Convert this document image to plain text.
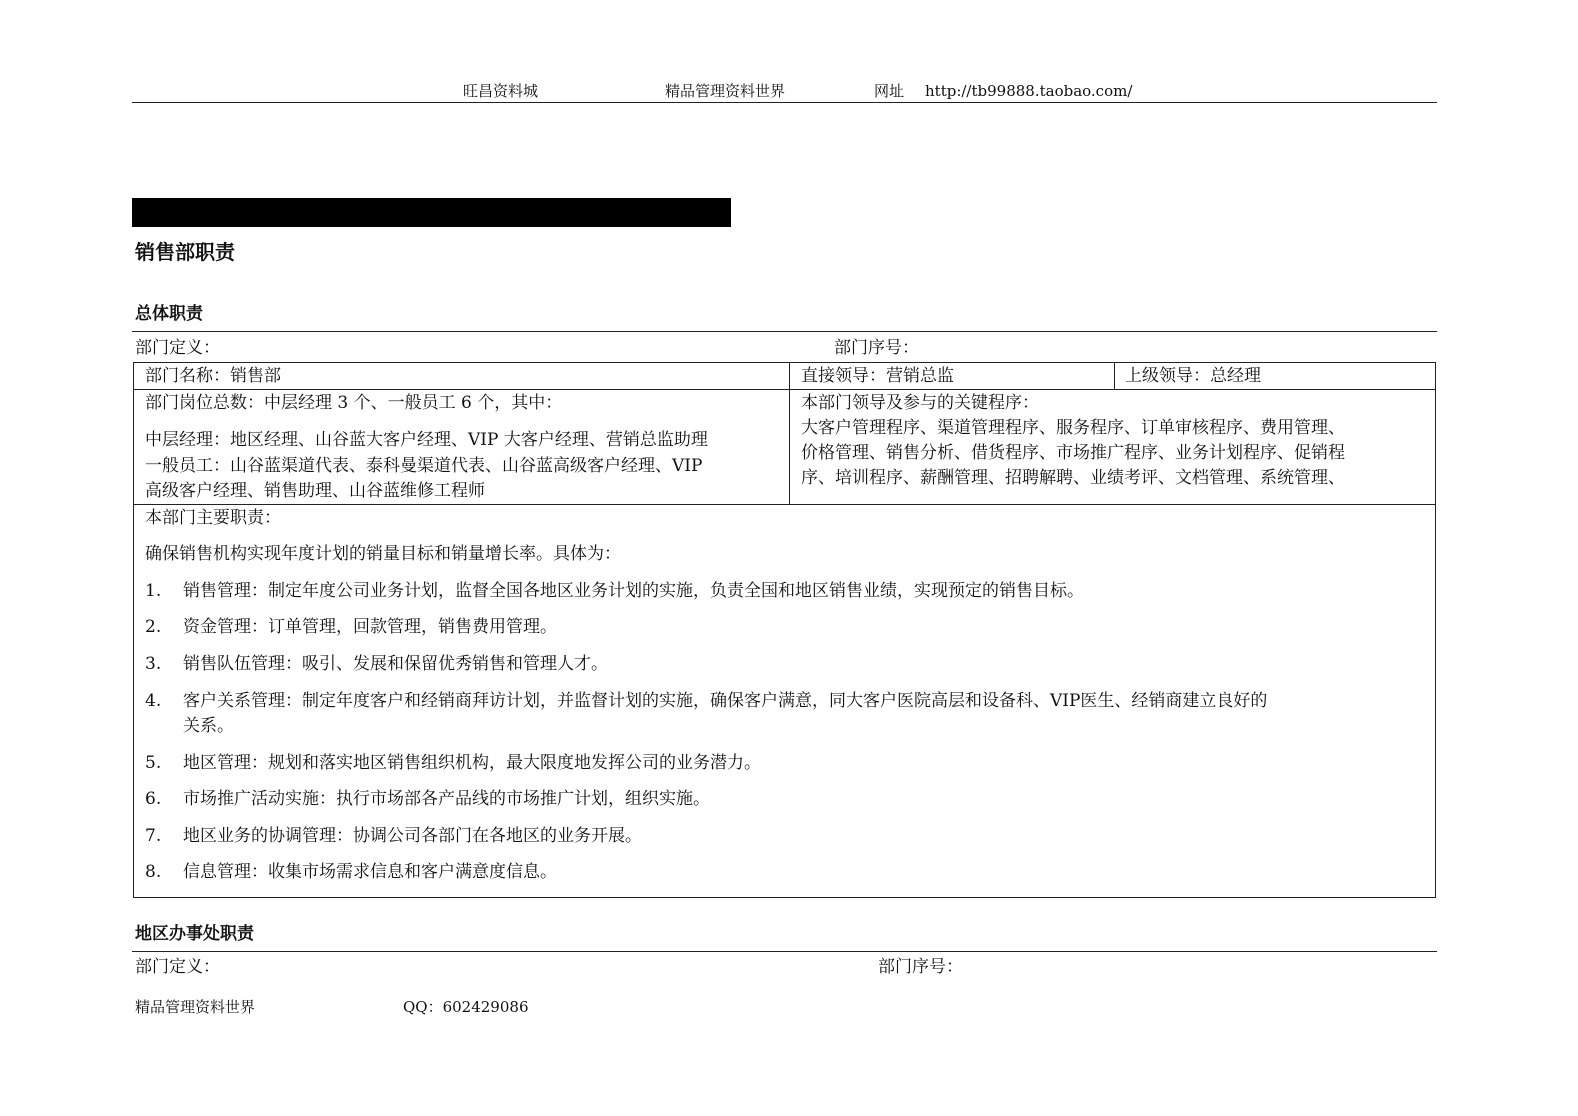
旺昌资料城	精品管理资料世界	网址 http://tb99888.taobao.com/
销售部职责
总体职责
部门定义：	部门序号：
部门名称：销售部	直接领导：营销总监	上级领导：总经理
部门岗位总数：中层经理 3 个、一般员工 6 个，其中：
中层经理：地区经理、山谷蓝大客户经理、VIP 大客户经理、营销总监助理
一般员工：山谷蓝渠道代表、泰科曼渠道代表、山谷蓝高级客户经理、VIP
高级客户经理、销售助理、山谷蓝维修工程师
本部门领导及参与的关键程序：
大客户管理程序、渠道管理程序、服务程序、订单审核程序、费用管理、
价格管理、销售分析、借货程序、市场推广程序、业务计划程序、促销程
序、培训程序、薪酬管理、招聘解聘、业绩考评、文档管理、系统管理、
本部门主要职责：
确保销售机构实现年度计划的销量目标和销量增长率。具体为：
1. 销售管理：制定年度公司业务计划，监督全国各地区业务计划的实施，负责全国和地区销售业绩，实现预定的销售目标。
2. 资金管理：订单管理，回款管理，销售费用管理。
3. 销售队伍管理：吸引、发展和保留优秀销售和管理人才。
4. 客户关系管理：制定年度客户和经销商拜访计划，并监督计划的实施，确保客户满意，同大客户医院高层和设备科、VIP医生、经销商建立良好的
关系。
5. 地区管理：规划和落实地区销售组织机构，最大限度地发挥公司的业务潜力。
6. 市场推广活动实施：执行市场部各产品线的市场推广计划，组织实施。
7. 地区业务的协调管理：协调公司各部门在各地区的业务开展。
8. 信息管理：收集市场需求信息和客户满意度信息。
地区办事处职责
部门定义：	部门序号：
精品管理资料世界	QQ：602429086
